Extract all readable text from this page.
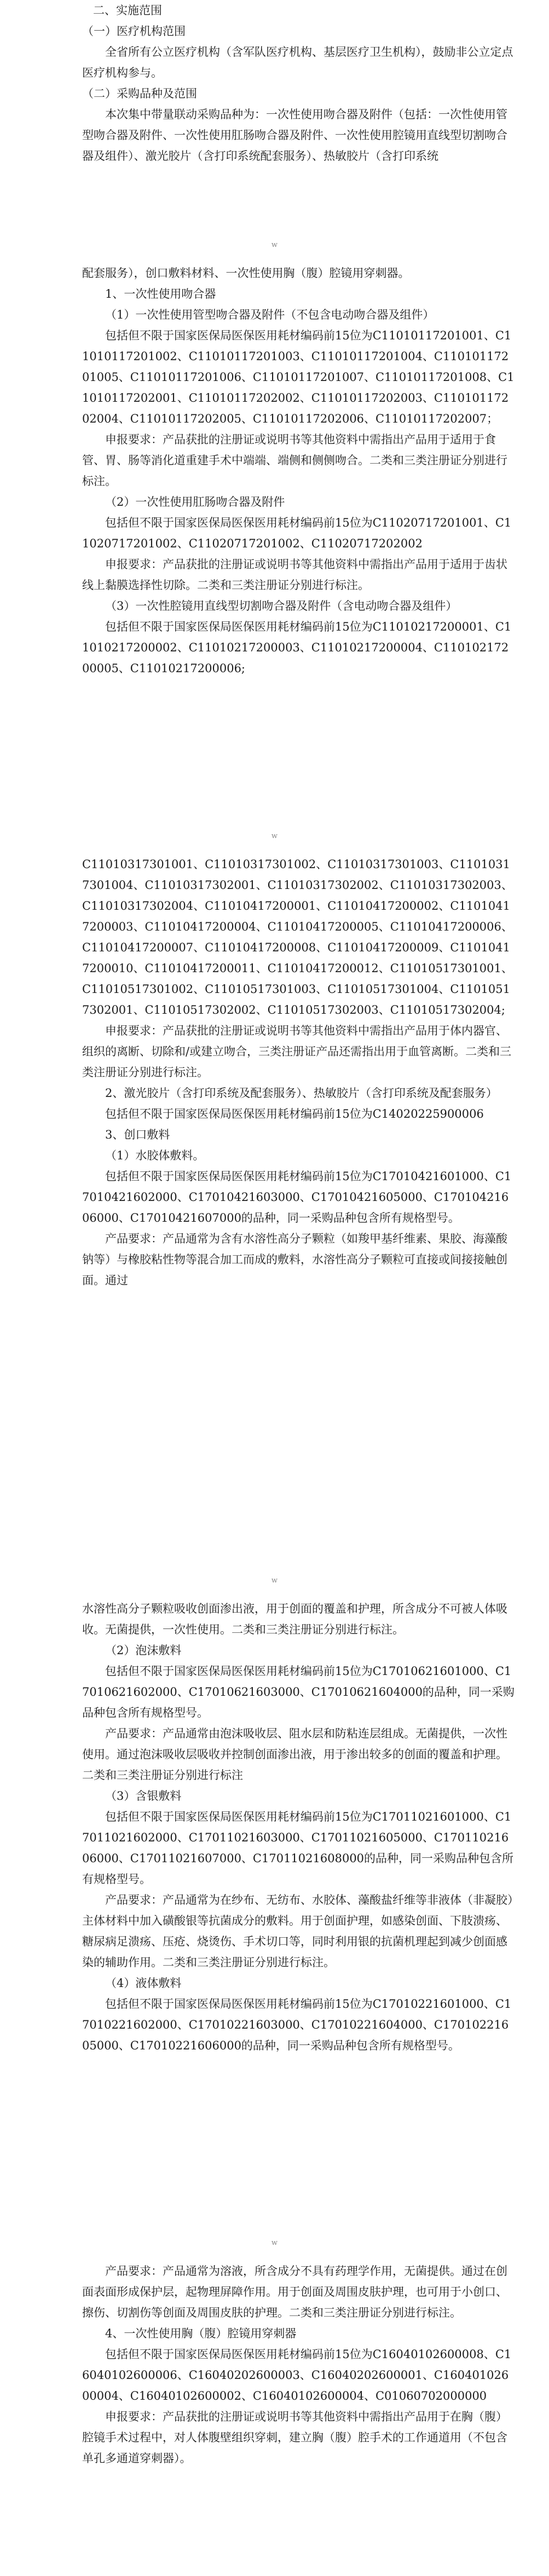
二、实施范围

（一）医疗机构范围

全省所有公立医疗机构（含军队医疗机构、基层医疗卫生机构），鼓励非公立定点医疗机构参与。

（二）采购品种及范围

本次集中带量联动采购品种为：一次性使用吻合器及附件（包括：一次性使用管型吻合器及附件、一次性使用肛肠吻合器及附件、一次性使用腔镜用直线型切割吻合器及组件）、激光胶片（含打印系统配套服务）、热敏胶片（含打印系统

w

配套服务），创口敷料材料、一次性使用胸（腹）腔镜用穿刺器。

1、一次性使用吻合器

（1）一次性使用管型吻合器及附件（不包含电动吻合器及组件）

包括但不限于国家医保局医保医用耗材编码前15位为C11010117201001、C11010117201002、C11010117201003、C11010117201004、C11010117201005、C11010117201006、C11010117201007、C11010117201008、C11010117202001、C11010117202002、C11010117202003、C11010117202004、C11010117202005、C11010117202006、C11010117202007；

申报要求：产品获批的注册证或说明书等其他资料中需指出产品用于适用于食管、胃、肠等消化道重建手术中端端、端侧和侧侧吻合。二类和三类注册证分别进行标注。

（2）一次性使用肛肠吻合器及附件

包括但不限于国家医保局医保医用耗材编码前15位为C11020717201001、C11020717201002、C11020717201002、C11020717202002

申报要求：产品获批的注册证或说明书等其他资料中需指出产品用于适用于齿状线上黏膜选择性切除。二类和三类注册证分别进行标注。

（3）一次性腔镜用直线型切割吻合器及附件（含电动吻合器及组件）

包括但不限于国家医保局医保医用耗材编码前15位为C11010217200001、C11010217200002、C11010217200003、C11010217200004、C11010217200005、C11010217200006;

w

C11010317301001、C11010317301002、C11010317301003、C11010317301004、C11010317302001、C11010317302002、C11010317302003、C11010317302004、C11010417200001、C11010417200002、C11010417200003、C11010417200004、C11010417200005、C11010417200006、C11010417200007、C11010417200008、C11010417200009、C11010417200010、C11010417200011、C11010417200012、C11010517301001、C11010517301002、C11010517301003、C11010517301004、C11010517302001、C11010517302002、C11010517302003、C11010517302004;

申报要求：产品获批的注册证或说明书等其他资料中需指出产品用于体内器官、组织的离断、切除和/或建立吻合，三类注册证产品还需指出用于血管离断。二类和三类注册证分别进行标注。

2、激光胶片（含打印系统及配套服务）、热敏胶片（含打印系统及配套服务）

包括但不限于国家医保局医保医用耗材编码前15位为C14020225900006

3、创口敷料

（1）水胶体敷料。

包括但不限于国家医保局医保医用耗材编码前15位为C17010421601000、C17010421602000、C17010421603000、C17010421605000、C17010421606000、C17010421607000的品种，同一采购品种包含所有规格型号。

产品要求：产品通常为含有水溶性高分子颗粒（如羧甲基纤维素、果胶、海藻酸钠等）与橡胶粘性物等混合加工而成的敷料，水溶性高分子颗粒可直接或间接接触创面。通过

w

水溶性高分子颗粒吸收创面渗出液，用于创面的覆盖和护理，所含成分不可被人体吸收。无菌提供，一次性使用。二类和三类注册证分别进行标注。

（2）泡沫敷料

包括但不限于国家医保局医保医用耗材编码前15位为C17010621601000、C17010621602000、C17010621603000、C17010621604000的品种，同一采购品种包含所有规格型号。

产品要求：产品通常由泡沫吸收层、阻水层和防粘连层组成。无菌提供，一次性使用。通过泡沫吸收层吸收并控制创面渗出液，用于渗出较多的创面的覆盖和护理。二类和三类注册证分别进行标注

（3）含银敷料

包括但不限于国家医保局医保医用耗材编码前15位为C17011021601000、C17011021602000、C17011021603000、C17011021605000、C17011021606000、C17011021607000、C17011021608000的品种，同一采购品种包含所有规格型号。

产品要求：产品通常为在纱布、无纺布、水胶体、藻酸盐纤维等非液体（非凝胶）主体材料中加入磺酸银等抗菌成分的敷料。用于创面护理，如感染创面、下肢溃疡、糖尿病足溃疡、压疮、烧烫伤、手术切口等，同时利用银的抗菌机理起到减少创面感染的辅助作用。二类和三类注册证分别进行标注。

（4）液体敷料

包括但不限于国家医保局医保医用耗材编码前15位为C17010221601000、C17010221602000、C17010221603000、C17010221604000、C17010221605000、C17010221606000的品种，同一采购品种包含所有规格型号。

w

产品要求：产品通常为溶液，所含成分不具有药理学作用，无菌提供。通过在创面表面形成保护层，起物理屏障作用。用于创面及周围皮肤护理，也可用于小创口、擦伤、切割伤等创面及周围皮肤的护理。二类和三类注册证分别进行标注。

4、一次性使用胸（腹）腔镜用穿刺器

包括但不限于国家医保局医保医用耗材编码前15位为C16040102600008、C16040102600006、C16040202600003、C16040202600001、C16040102600004、C16040102600002、C16040102600004、C01060702000000

申报要求：产品获批的注册证或说明书等其他资料中需指出产品用于在胸（腹）腔镜手术过程中，对人体腹壁组织穿刺，建立胸（腹）腔手术的工作通道用（不包含单孔多通道穿刺器）。
